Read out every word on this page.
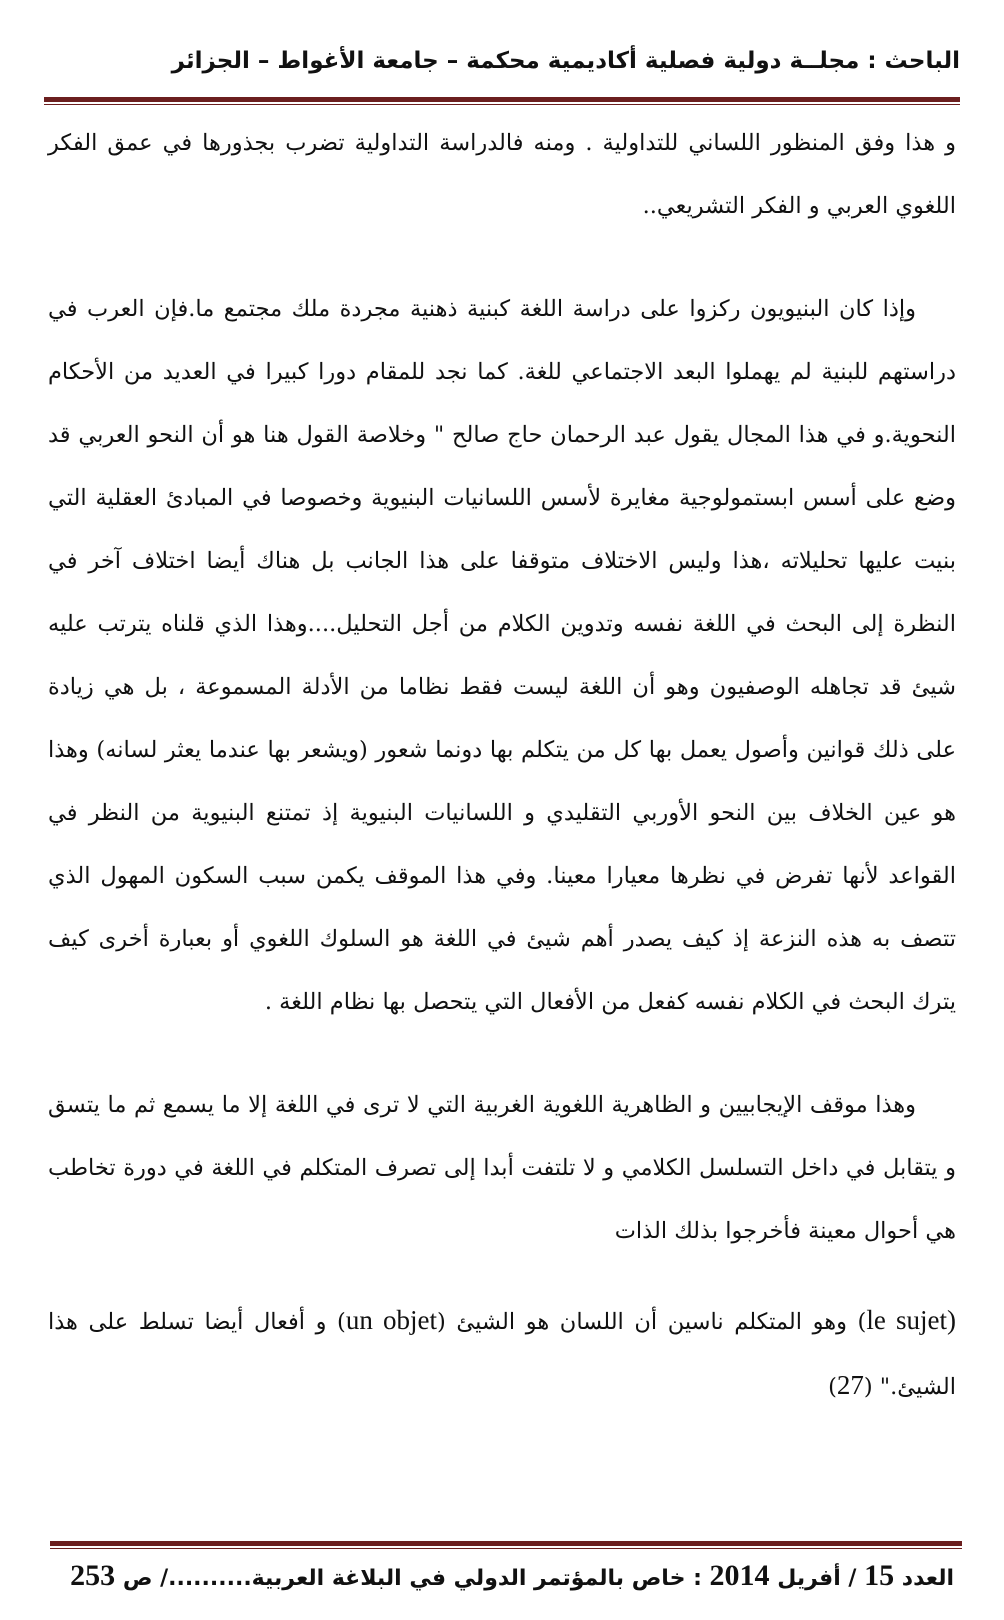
الباحث : مجلــة دولية فصلية أكاديمية محكمة – جامعة الأغواط – الجزائر

و هذا وفق المنظور اللساني للتداولية . ومنه فالدراسة التداولية تضرب بجذورها في عمق الفكر اللغوي العربي و الفكر التشريعي..

وإذا كان البنيويون ركزوا على دراسة اللغة كبنية ذهنية مجردة ملك مجتمع ما.فإن العرب في دراستهم للبنية لم يهملوا البعد الاجتماعي للغة. كما نجد للمقام دورا كبيرا في العديد من الأحكام النحوية.و في هذا المجال يقول عبد الرحمان حاج صالح " وخلاصة القول هنا هو أن النحو العربي قد وضع على أسس ابستمولوجية مغايرة لأسس اللسانيات البنيوية وخصوصا في المبادئ العقلية التي بنيت عليها تحليلاته ،هذا وليس الاختلاف متوقفا على هذا الجانب بل هناك أيضا اختلاف آخر في النظرة إلى البحث في اللغة نفسه وتدوين الكلام من أجل التحليل....وهذا الذي قلناه يترتب عليه شيئ قد تجاهله الوصفيون وهو أن اللغة ليست فقط نظاما من الأدلة المسموعة ، بل هي زيادة على ذلك قوانين وأصول يعمل بها كل من يتكلم بها دونما شعور (ويشعر بها عندما يعثر لسانه) وهذا هو عين الخلاف بين النحو الأوربي التقليدي و اللسانيات البنيوية إذ تمتنع البنيوية من النظر في القواعد لأنها تفرض في نظرها معيارا معينا. وفي هذا الموقف يكمن سبب السكون المهول الذي تتصف به هذه النزعة إذ كيف يصدر أهم شيئ في اللغة هو السلوك اللغوي أو بعبارة أخرى كيف يترك البحث في الكلام نفسه كفعل من الأفعال التي يتحصل بها نظام اللغة .

وهذا موقف الإيجابيين و الظاهرية اللغوية الغربية التي لا ترى في اللغة إلا ما يسمع ثم ما يتسق و يتقابل في داخل التسلسل الكلامي و لا تلتفت أبدا إلى تصرف المتكلم في اللغة في دورة تخاطب هي أحوال معينة فأخرجوا بذلك الذات

(le sujet) وهو المتكلم ناسين أن اللسان هو الشيئ (un objet) و أفعال أيضا تسلط على هذا الشيئ." (27)

العدد 15 / أفريل 2014 : خاص بالمؤتمر الدولي في البلاغة العربية........../ ص 253
